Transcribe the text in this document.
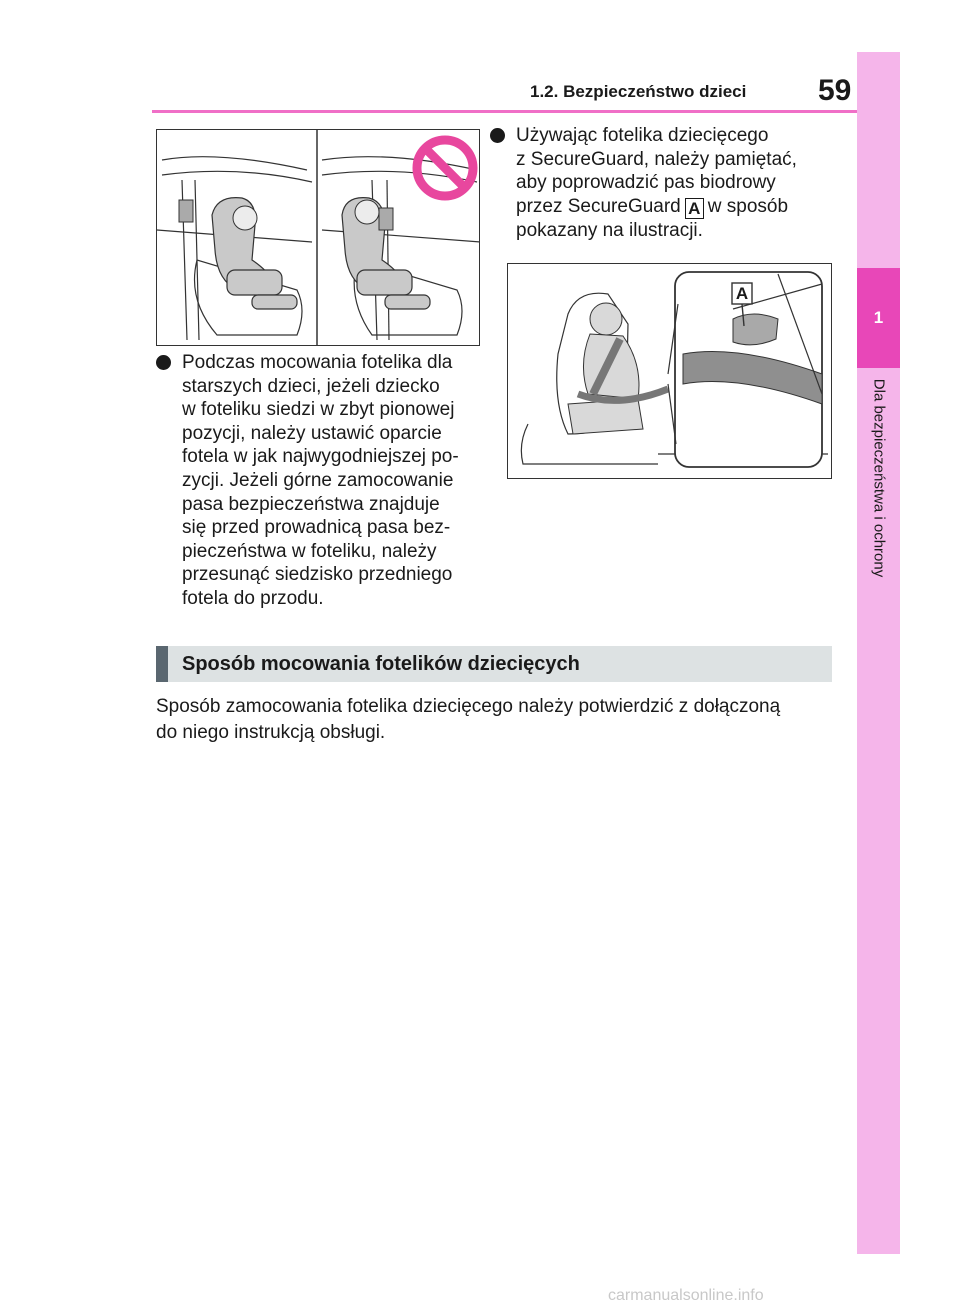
1.2. Bezpieczeństwo dzieci 59
1
Dla bezpieczeństwa i ochrony
Podczas mocowania fotelika dla
starszych dzieci, jeżeli dziecko
w foteliku siedzi w zbyt pionowej
pozycji, należy ustawić oparcie
fotela w jak najwygodniejszej po-
zycji. Jeżeli górne zamocowanie
pasa bezpieczeństwa znajduje
się przed prowadnicą pasa bez-
pieczeństwa w foteliku, należy
przesunąć siedzisko przedniego
fotela do przodu.
Używając fotelika dziecięcego
z SecureGuard, należy pamiętać,
aby poprowadzić pas biodrowy
przez SecureGuard A w sposób
pokazany na ilustracji.
A
Sposób mocowania fotelików dziecięcych
Sposób zamocowania fotelika dziecięcego należy potwierdzić z dołączoną
do niego instrukcją obsługi.
carmanualsonline.info
